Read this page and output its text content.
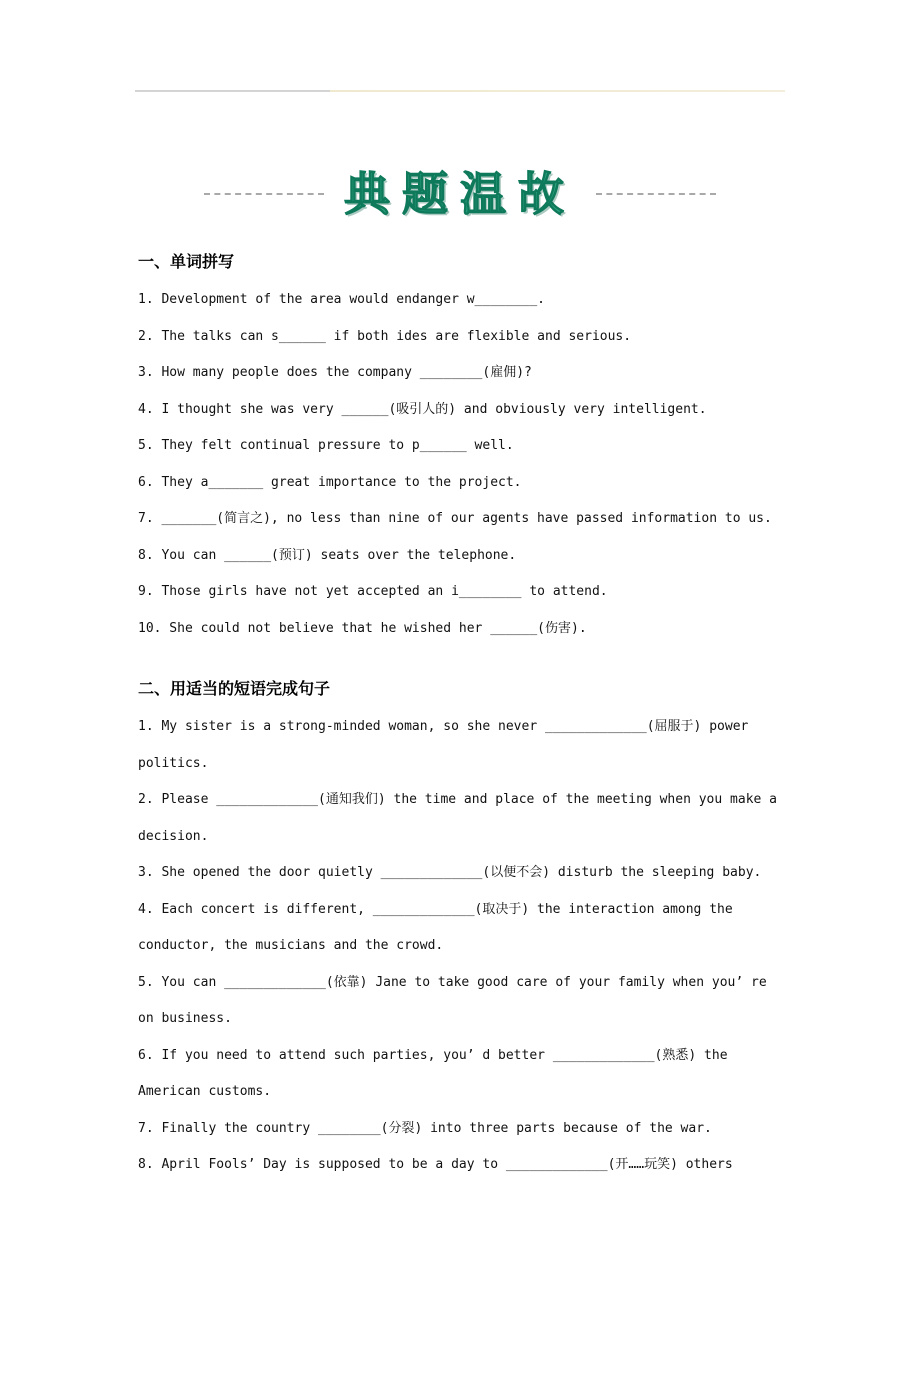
典题温故
一、单词拼写

1. Development of the area would endanger w________.

2. The talks can s______ if both ides are flexible and serious.

3. How many people does the company ________(雇佣)?

4. I thought she was very ______(吸引人的) and obviously very intelligent.

5. They felt continual pressure to p______ well.

6. They a_______ great importance to the project.

7. _______(简言之), no less than nine of our agents have passed information to us.

8. You can ______(预订) seats over the telephone.

9. Those girls have not yet accepted an i________ to attend.

10. She could not believe that he wished her ______(伤害).

二、用适当的短语完成句子

1. My sister is a strong-minded woman, so she never _____________(屈服于) power politics.

2. Please _____________(通知我们) the time and place of the meeting when you make a decision.

3. She opened the door quietly _____________(以便不会) disturb the sleeping baby.

4. Each concert is different, _____________(取决于) the interaction among the conductor, the musicians and the crowd.

5. You can _____________(依靠) Jane to take good care of your family when you’ re on business.

6. If you need to attend such parties, you’ d better _____________(熟悉) the American customs.

7. Finally the country ________(分裂) into three parts because of the war.

8. April Fools’ Day is supposed to be a day to _____________(开……玩笑) others
